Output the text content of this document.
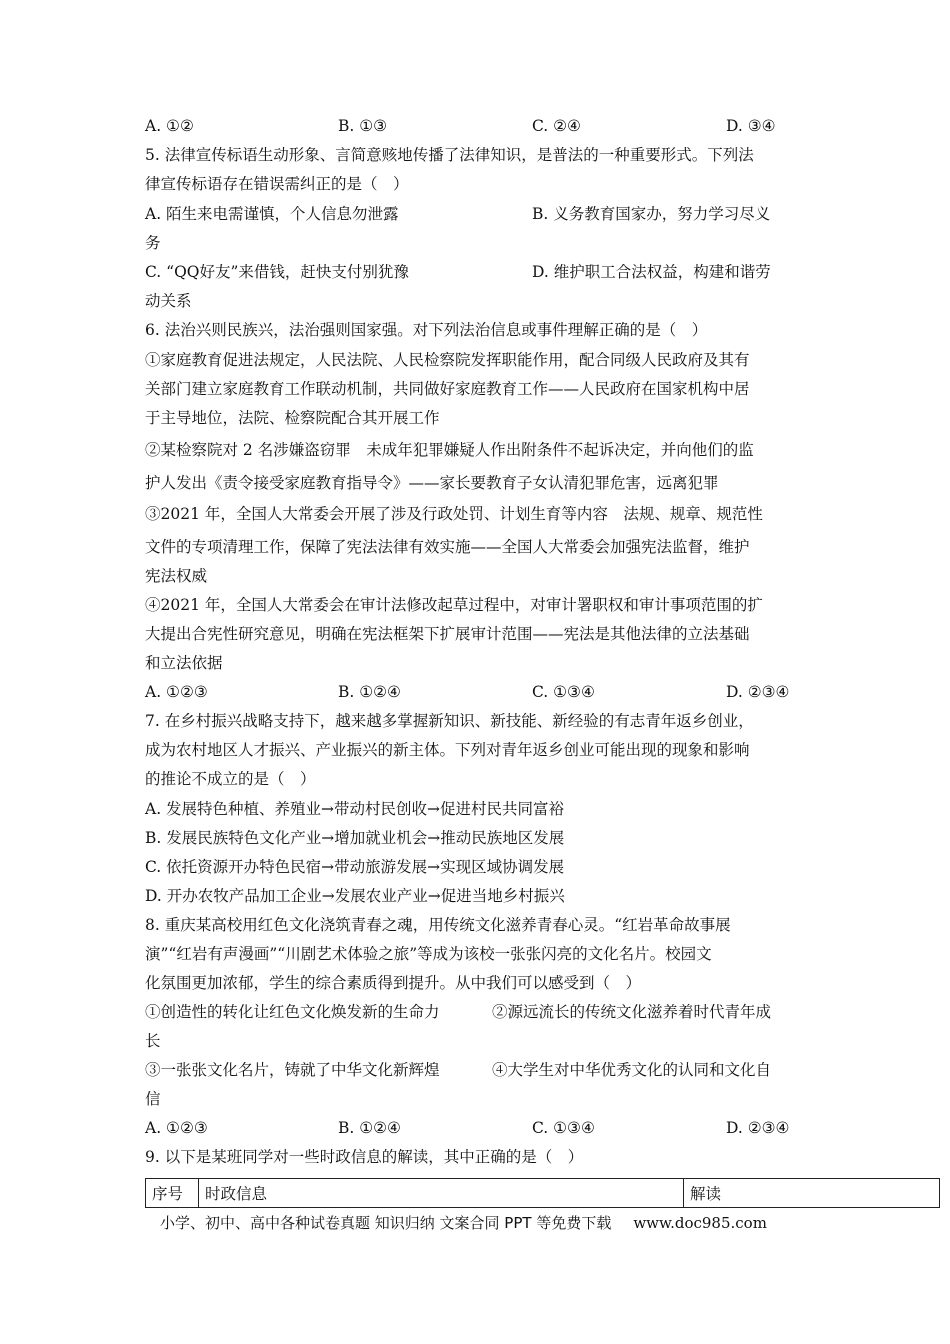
A. ①②	B. ①③	C. ②④	D. ③④
5. 法律宣传标语生动形象、言简意赅地传播了法律知识，是普法的一种重要形式。下列法
律宣传标语存在错误需纠正的是（　）
A. 陌生来电需谨慎，个人信息勿泄露	B. 义务教育国家办，努力学习尽义
务
C. “QQ好友”来借钱，赶快支付别犹豫	D. 维护职工合法权益，构建和谐劳
动关系
6. 法治兴则民族兴，法治强则国家强。对下列法治信息或事件理解正确的是（　）
①家庭教育促进法规定，人民法院、人民检察院发挥职能作用，配合同级人民政府及其有
关部门建立家庭教育工作联动机制，共同做好家庭教育工作——人民政府在国家机构中居
于主导地位，法院、检察院配合其开展工作
②某检察院对 2 名涉嫌盗窃罪　未成年犯罪嫌疑人作出附条件不起诉决定，并向他们的监
护人发出《责令接受家庭教育指导令》——家长要教育子女认清犯罪危害，远离犯罪
③2021 年，全国人大常委会开展了涉及行政处罚、计划生育等内容　法规、规章、规范性
文件的专项清理工作，保障了宪法法律有效实施——全国人大常委会加强宪法监督，维护
宪法权威
④2021 年，全国人大常委会在审计法修改起草过程中，对审计署职权和审计事项范围的扩
大提出合宪性研究意见，明确在宪法框架下扩展审计范围——宪法是其他法律的立法基础
和立法依据
A. ①②③	B. ①②④	C. ①③④	D. ②③④
7. 在乡村振兴战略支持下，越来越多掌握新知识、新技能、新经验的有志青年返乡创业，
成为农村地区人才振兴、产业振兴的新主体。下列对青年返乡创业可能出现的现象和影响
的推论不成立的是（　）
A. 发展特色种植、养殖业→带动村民创收→促进村民共同富裕
B. 发展民族特色文化产业→增加就业机会→推动民族地区发展
C. 依托资源开办特色民宿→带动旅游发展→实现区域协调发展
D. 开办农牧产品加工企业→发展农业产业→促进当地乡村振兴
8. 重庆某高校用红色文化浇筑青春之魂，用传统文化滋养青春心灵。“红岩革命故事展
演”“红岩有声漫画”“川剧艺术体验之旅”等成为该校一张张闪亮的文化名片。校园文
化氛围更加浓郁，学生的综合素质得到提升。从中我们可以感受到（　）
①创造性的转化让红色文化焕发新的生命力	②源远流长的传统文化滋养着时代青年成
长
③一张张文化名片，铸就了中华文化新辉煌	④大学生对中华优秀文化的认同和文化自
信
A. ①②③	B. ①②④	C. ①③④	D. ②③④
9. 以下是某班同学对一些时政信息的解读，其中正确的是（　）
序号	时政信息	解读
小学、初中、高中各种试卷真题 知识归纳 文案合同 PPT 等免费下载 www.doc985.com
